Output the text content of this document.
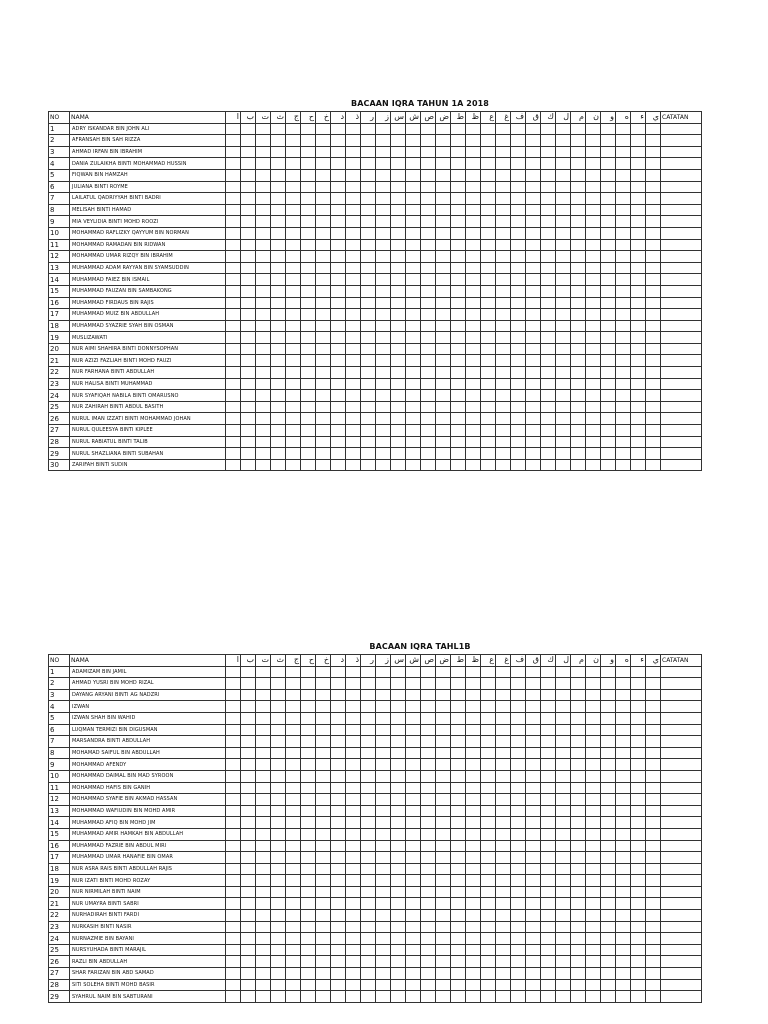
BACAAN IQRA TAHUN 1A 2018
NO	NAMA	ا	ب	ت	ث	ج	ح	خ	د	ذ	ر	ز	س	ش	ص	ض	ط	ظ	ع	غ	ف	ق	ك	ل	م	ن	و	ه	ء	ي	CATATAN
1	ADRY ISKANDAR BIN JOHN ALI																														
2	AFRANSAH BIN SAH RIZZA																														
3	AHMAD IRFAN BIN IBRAHIM																														
4	DANIA ZULAIKHA BINTI MOHAMMAD HUSSIN																														
5	FIQWAN BIN HAMZAH																														
6	JULIANA BINTI ROYME																														
7	LAILATUL QADRIYYAH BINTI BADRI																														
8	MELISAH BINTI HAMAD																														
9	MIA VEYLIDIA BINTI MOHD ROOZI																														
10	MOHAMMAD RAFLIZKY QAYYUM BIN NORMAN																														
11	MOHAMMAD RAMADAN BIN RIDWAN																														
12	MOHAMMAD UMAR RIZQY BIN IBRAHIM																														
13	MUHAMMAD ADAM RAYYAN BIN SYAMSUDDIN																														
14	MUHAMMAD FAIEZ BIN ISMAIL																														
15	MUHAMMAD FAUZAN BIN SAMBAKONG																														
16	MUHAMMAD FIRDAUS BIN RAJIS																														
17	MUHAMMAD MUIZ BIN ABDULLAH																														
18	MUHAMMAD SYAZRIE SYAH BIN OSMAN																														
19	MUSLIZAWATI																														
20	NUR AIMI SHAHIRA BINTI DONNYSOPHAN																														
21	NUR AZIZI FAZLIAH BINTI MOHD FAUZI																														
22	NUR FARHANA BINTI ABDULLAH																														
23	NUR HALISA BINTI MUHAMMAD																														
24	NUR SYAFIQAH NABILA BINTI OMARUSNO																														
25	NUR ZAHIRAH BINTI ABDUL BASITH																														
26	NURUL IMAN IZZATI BINTI MOHAMMAD JOHAN																														
27	NURUL QULEESYA BINTI KIPLEE																														
28	NURUL RABIATUL BINTI TALIB																														
29	NURUL SHAZLIANA BINTI SUBAHAN																														
30	ZARIFAH BINTI SUDIN																														
BACAAN IQRA TAHL1B
NO	NAMA	ا	ب	ت	ث	ج	ح	خ	د	ذ	ر	ز	س	ش	ص	ض	ط	ظ	ع	غ	ف	ق	ك	ل	م	ن	و	ه	ء	ي	CATATAN
1	ADAMIZAM BIN JAMIL																														
2	AHMAD YUSRI BIN MOHD RIZAL																														
3	DAYANG ARYANI BINTI AG NADZRI																														
4	IZWAN																														
5	IZWAN SHAH BIN WAHID																														
6	LUQMAN TERMIZI BIN DIGUSMAN																														
7	MARSANDRA BINTI ABDULLAH																														
8	MOHAMAD SAIFUL BIN ABDULLAH																														
9	MOHAMMAD AFENDY																														
10	MOHAMMAD DAIMAL BIN MAD SYROON																														
11	MOHAMMAD HAFIS BIN GANIH																														
12	MOHAMMAD SYAFIE BIN AKMAD HASSAN																														
13	MOHAMMAD WAFIUDIN BIN MOHD AMIR																														
14	MUHAMMAD AFIQ BIN MOHD JIM																														
15	MUHAMMAD AMIR HAMKAH BIN ABDULLAH																														
16	MUHAMMAD FAZRIE BIN ABDUL MIRI																														
17	MUHAMMAD UMAR HANAFIE BIN OMAR																														
18	NUR ASRA RAIS BINTI ABDULLAH RAJIS																														
19	NUR IZATI BINTI MOHD ROZAY																														
20	NUR NIRMILAH BINTI NAIM																														
21	NUR UMAYRA BINTI SABRI																														
22	NURHADIRAH BINTI FARDI																														
23	NURKASIH BINTI NASIR																														
24	NURNAZMIE BIN BAYANI																														
25	NURSYUHADA BINTI MARAJIL																														
26	RAZLI BIN ABDULLAH																														
27	SHAR FARIZAN BIN ABD SAMAD																														
28	SITI SOLEHA BINTI MOHD BASIR																														
29	SYAHRUL NAIM BIN SABTURANI																														
